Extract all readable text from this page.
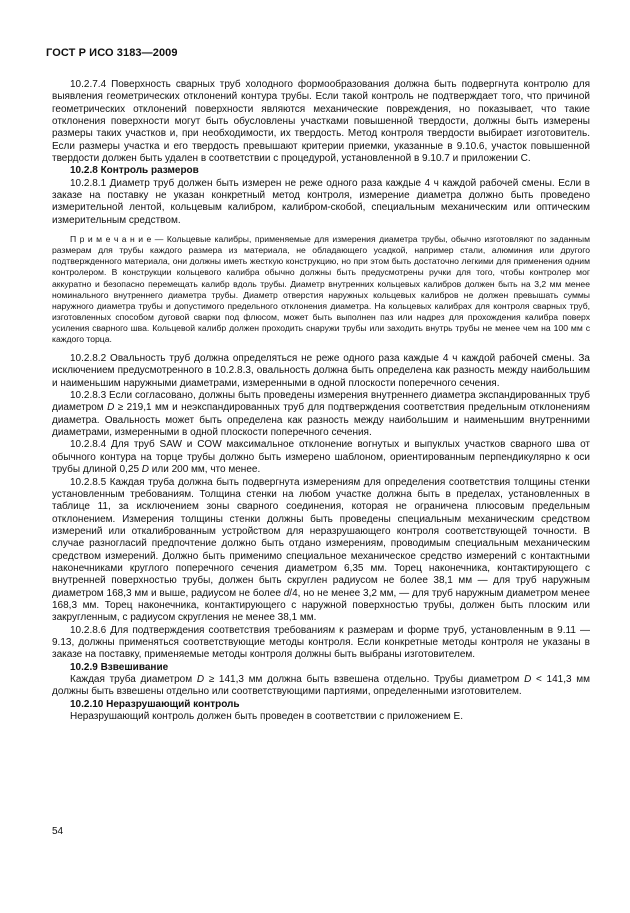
ГОСТ Р ИСО 3183—2009

10.2.7.4 Поверхность сварных труб холодного формообразования должна быть подвергнута контролю для выявления геометрических отклонений контура трубы. Если такой контроль не подтверждает того, что причиной геометрических отклонений поверхности являются механические повреждения, но показывает, что такие отклонения поверхности могут быть обусловлены участками повышенной твердости, должны быть измерены размеры таких участков и, при необходимости, их твердость. Метод контроля твердости выбирает изготовитель. Если размеры участка и его твердость превышают критерии приемки, указанные в 9.10.6, участок повышенной твердости должен быть удален в соответствии с процедурой, установленной в 9.10.7 и приложении С.

10.2.8 Контроль размеров

10.2.8.1 Диаметр труб должен быть измерен не реже одного раза каждые 4 ч каждой рабочей смены. Если в заказе на поставку не указан конкретный метод контроля, измерение диаметра должно быть проведено измерительной лентой, кольцевым калибром, калибром-скобой, специальным механическим или оптическим измерительным средством.

П р и м е ч а н и е — Кольцевые калибры, применяемые для измерения диаметра трубы, обычно изготовляют по заданным размерам для трубы каждого размера из материала, не обладающего усадкой, например стали, алюминия или другого подтвержденного материала, они должны иметь жесткую конструкцию, но при этом быть достаточно легкими для применения одним контролером. В конструкции кольцевого калибра обычно должны быть предусмотрены ручки для того, чтобы контролер мог аккуратно и безопасно перемещать калибр вдоль трубы. Диаметр внутренних кольцевых калибров должен быть на 3,2 мм менее номинального внутреннего диаметра трубы. Диаметр отверстия наружных кольцевых калибров не должен превышать суммы наружного диаметра трубы и допустимого предельного отклонения диаметра. На кольцевых калибрах для контроля сварных труб, изготовленных способом дуговой сварки под флюсом, может быть выполнен паз или надрез для прохождения калибра поверх усиления сварного шва. Кольцевой калибр должен проходить снаружи трубы или заходить внутрь трубы не менее чем на 100 мм с каждого торца.

10.2.8.2 Овальность труб должна определяться не реже одного раза каждые 4 ч каждой рабочей смены. За исключением предусмотренного в 10.2.8.3, овальность должна быть определена как разность между наибольшим и наименьшим наружными диаметрами, измеренными в одной плоскости поперечного сечения.

10.2.8.3 Если согласовано, должны быть проведены измерения внутреннего диаметра экспандированных труб диаметром D ≥ 219,1 мм и неэкспандированных труб для подтверждения соответствия предельным отклонениям диаметра. Овальность может быть определена как разность между наибольшим и наименьшим внутренними диаметрами, измеренными в одной плоскости поперечного сечения.

10.2.8.4 Для труб SAW и COW максимальное отклонение вогнутых и выпуклых участков сварного шва от обычного контура на торце трубы должно быть измерено шаблоном, ориентированным перпендикулярно к оси трубы длиной 0,25 D или 200 мм, что менее.

10.2.8.5 Каждая труба должна быть подвергнута измерениям для определения соответствия толщины стенки установленным требованиям. Толщина стенки на любом участке должна быть в пределах, установленных в таблице 11, за исключением зоны сварного соединения, которая не ограничена плюсовым предельным отклонением. Измерения толщины стенки должны быть проведены специальным механическим средством измерений или откалиброванным устройством для неразрушающего контроля соответствующей точности. В случае разногласий предпочтение должно быть отдано измерениям, проводимым специальным механическим средством измерений. Должно быть применимо специальное механическое средство измерений с контактными наконечниками круглого поперечного сечения диаметром 6,35 мм. Торец наконечника, контактирующего с внутренней поверхностью трубы, должен быть скруглен радиусом не более 38,1 мм — для труб наружным диаметром 168,3 мм и выше, радиусом не более d/4, но не менее 3,2 мм, — для труб наружным диаметром менее 168,3 мм. Торец наконечника, контактирующего с наружной поверхностью трубы, должен быть плоским или закругленным, с радиусом скругления не менее 38,1 мм.

10.2.8.6 Для подтверждения соответствия требованиям к размерам и форме труб, установленным в 9.11 — 9.13, должны применяться соответствующие методы контроля. Если конкретные методы контроля не указаны в заказе на поставку, применяемые методы контроля должны быть выбраны изготовителем.

10.2.9 Взвешивание

Каждая труба диаметром D ≥ 141,3 мм должна быть взвешена отдельно. Трубы диаметром D < 141,3 мм должны быть взвешены отдельно или соответствующими партиями, определенными изготовителем.

10.2.10 Неразрушающий контроль

Неразрушающий контроль должен быть проведен в соответствии с приложением Е.

54
